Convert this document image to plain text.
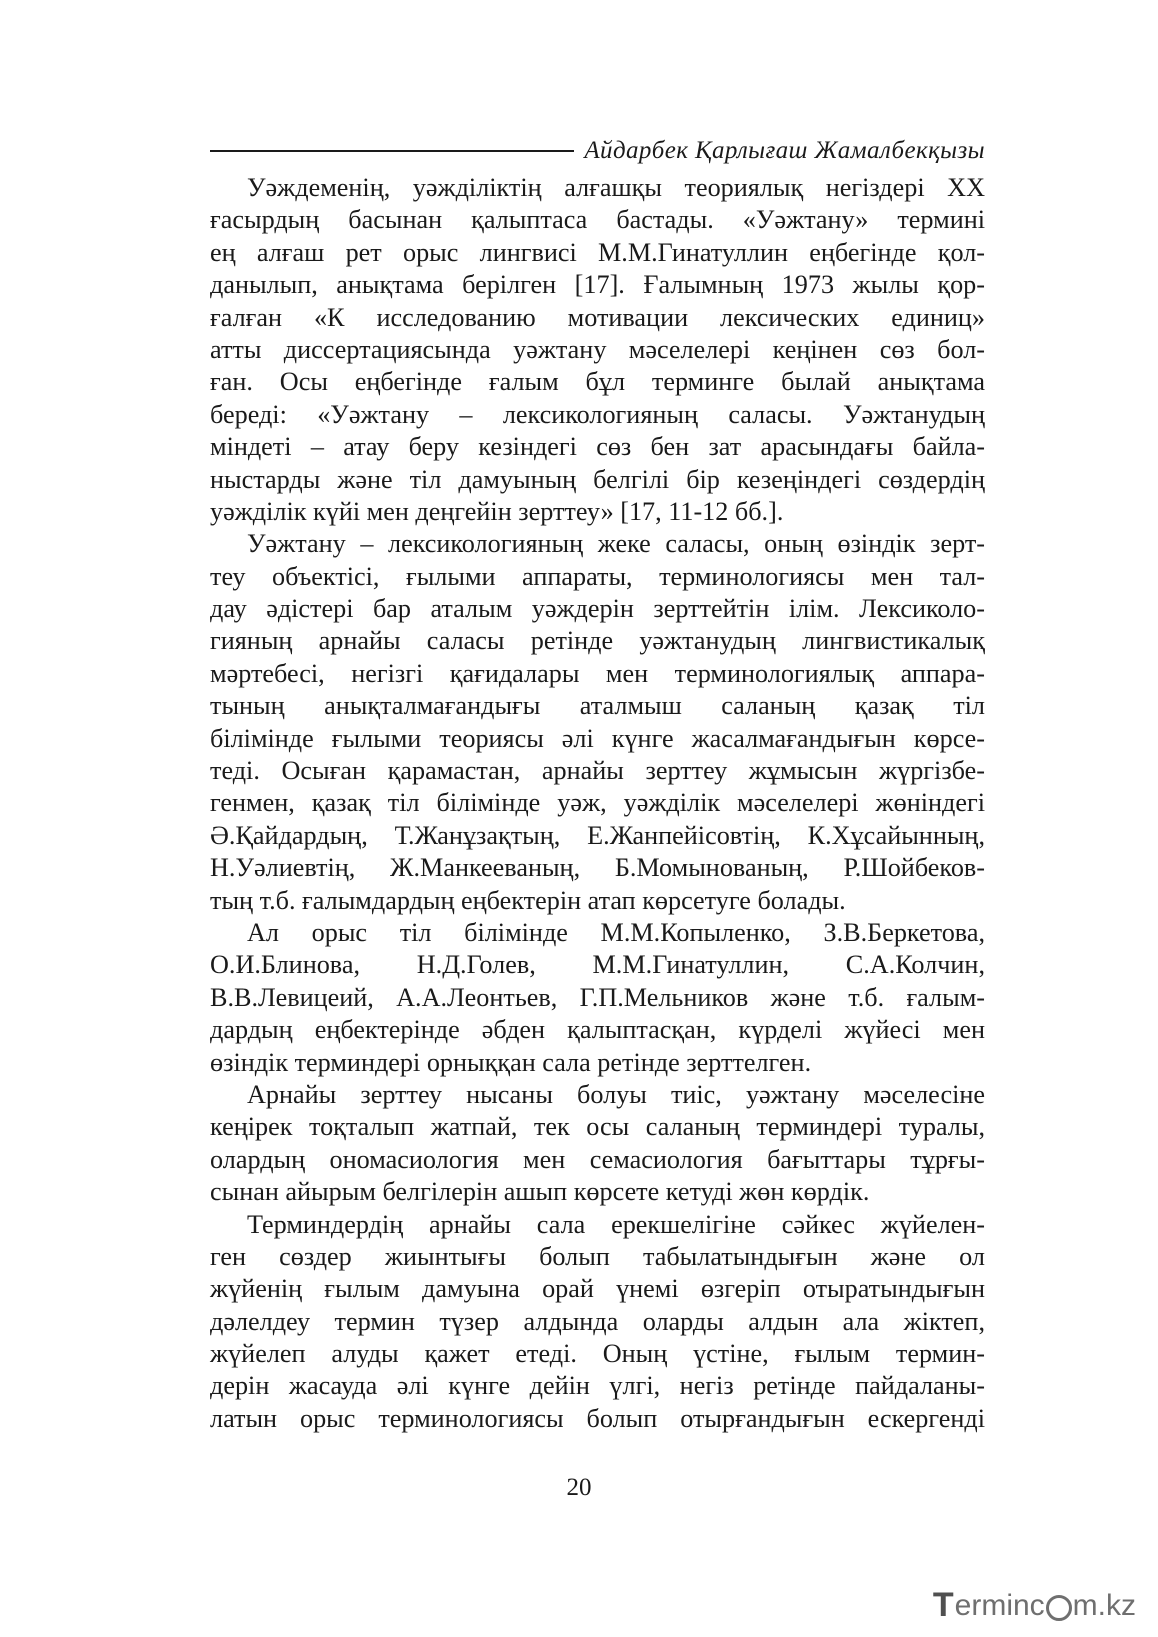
Айдарбек Қарлығаш Жамалбекқызы
Уәждеменің, уәжділіктің алғашқы теориялық негіздері ХХ
ғасырдың басынан қалыптаса бастады. «Уәжтану» термині
ең алғаш рет орыс лингвисі М.М.Гинатуллин еңбегінде қол-
данылып, анықтама берілген [17]. Ғалымның 1973 жылы қор-
ғалған «К исследованию мотивации лексических единиц»
атты диссертациясында уәжтану мәселелері кеңінен сөз бол-
ған. Осы еңбегінде ғалым бұл терминге былай анықтама
береді: «Уәжтану – лексикологияның саласы. Уәжтанудың
міндеті – атау беру кезіндегі сөз бен зат арасындағы байла-
ныстарды және тіл дамуының белгілі бір кезеңіндегі сөздердің
уәжділік күйі мен деңгейін зерттеу» [17, 11-12 бб.].
Уәжтану – лексикологияның жеке саласы, оның өзіндік зерт-
теу объектісі, ғылыми аппараты, терминологиясы мен тал-
дау әдістері бар аталым уәждерін зерттейтін ілім. Лексиколо-
гияның арнайы саласы ретінде уәжтанудың лингвистикалық
мәртебесі, негізгі қағидалары мен терминологиялық аппара-
тының анықталмағандығы аталмыш саланың қазақ тіл
білімінде ғылыми теориясы әлі күнге жасалмағандығын көрсе-
теді. Осыған қарамастан, арнайы зерттеу жұмысын жүргізбе-
генмен, қазақ тіл білімінде уәж, уәжділік мәселелері жөніндегі
Ә.Қайдардың, Т.Жанұзақтың, Е.Жанпейісовтің, К.Хұсайынның,
Н.Уәлиевтің, Ж.Манкееваның, Б.Момынованың, Р.Шойбеков-
тың т.б. ғалымдардың еңбектерін атап көрсетуге болады.
Ал орыс тіл білімінде М.М.Копыленко, З.В.Беркетова,
О.И.Блинова, Н.Д.Голев, М.М.Гинатуллин, С.А.Колчин,
В.В.Левицеий, А.А.Леонтьев, Г.П.Мельников және т.б. ғалым-
дардың еңбектерінде әбден қалыптасқан, күрделі жүйесі мен
өзіндік терминдері орныққан сала ретінде зерттелген.
Арнайы зерттеу нысаны болуы тиіс, уәжтану мәселесіне
кеңірек тоқталып жатпай, тек осы саланың терминдері туралы,
олардың ономасиология мен семасиология бағыттары тұрғы-
сынан айырым белгілерін ашып көрсете кетуді жөн көрдік.
Терминдердің арнайы сала ерекшелігіне сәйкес жүйелен-
ген сөздер жиынтығы болып табылатындығын және ол
жүйенің ғылым дамуына орай үнемі өзгеріп отыратындығын
дәлелдеу термин түзер алдында оларды алдын ала жіктеп,
жүйелеп алуды қажет етеді. Оның үстіне, ғылым термин-
дерін жасауда әлі күнге дейін үлгі, негіз ретінде пайдаланы-
латын орыс терминологиясы болып отырғандығын ескергенді
20
T erminc m.kz
